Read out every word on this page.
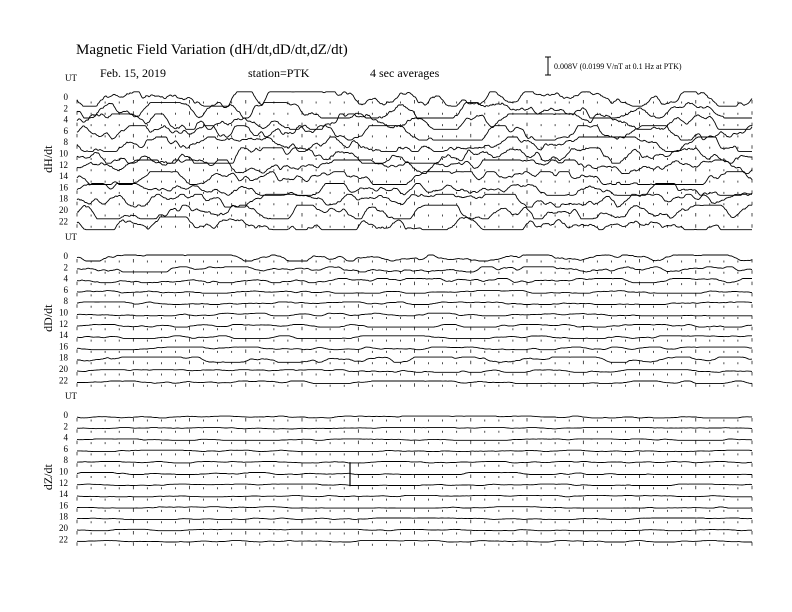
Magnetic Field Variation (dH/dt,dD/dt,dZ/dt)
Feb. 15, 2019	station=PTK	4 sec averages	0.008V (0.0199 V/nT at 0.1 Hz at PTK)
UT
dH/dt
0
2
4
6
8
10
12
14
16
18
20
22
UT
dD/dt
0
2
4
6
8
10
12
14
16
18
20
22
UT
dZ/dt
0
2
4
6
8
10
12
14
16
18
20
22
